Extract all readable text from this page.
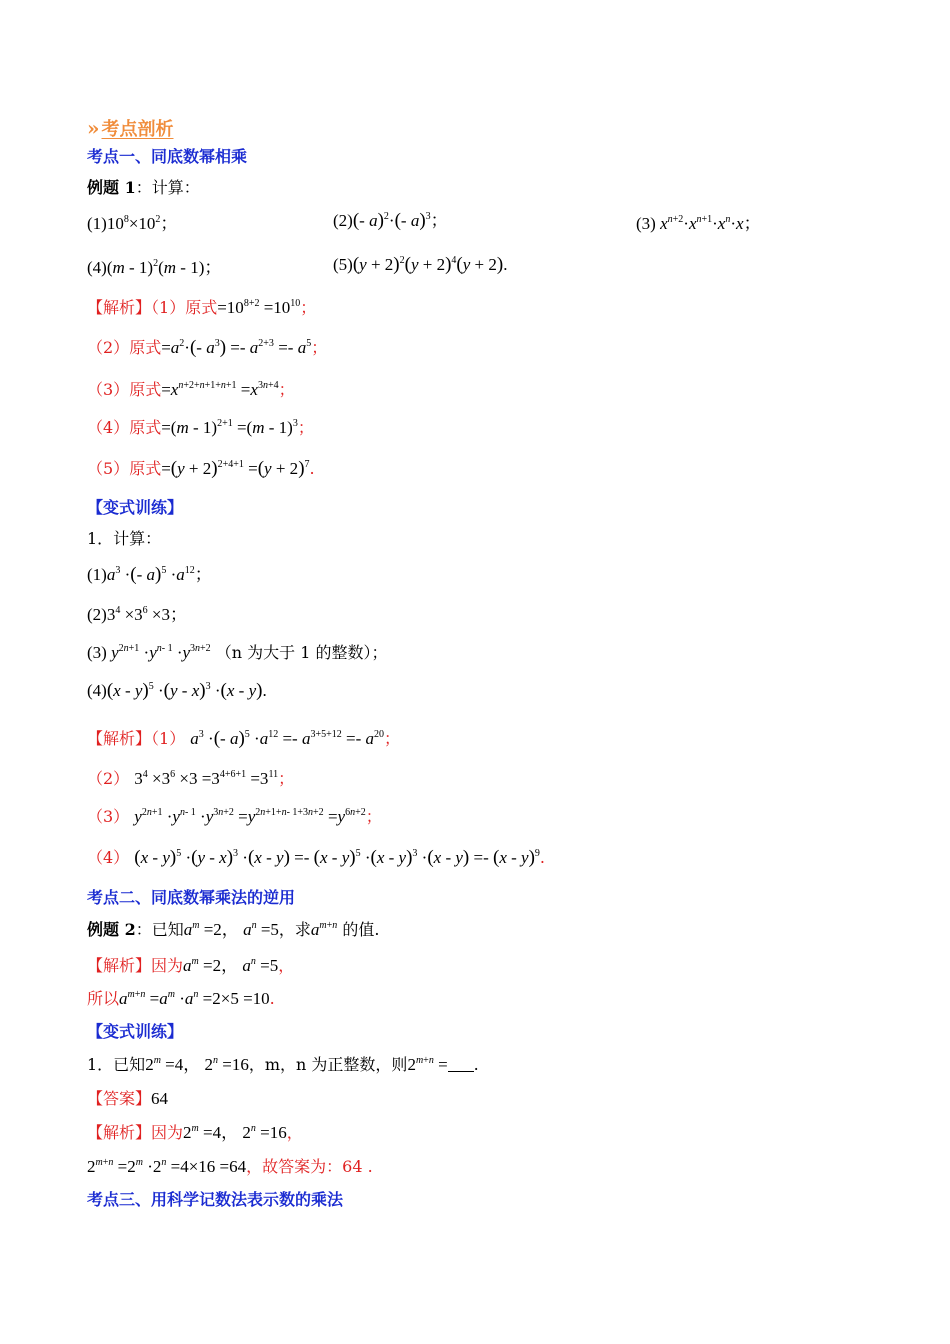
» 考点剖析
考点一、同底数幂相乘
例题 1：计算：
$(1)10^8\times 10^2$；	(2)(- a)$^2$·(- a)$^3$；	(3) $x^{n+2}\cdot x^{n+1}\cdot x^n\cdot x$；
(4)(m - 1)$^2$(m - 1)；	$(5)(y + 2)^2(y + 2)^4(y + 2)$.
【解析】（1）原式$=10^{8+2} =10^{10}$；
（2）原式$=a^2\cdot(-$ $a^3) =- a^{2+3} =- a^5$；
（3）原式$=x^{n+2+n+1+n+1} =x^{3n+4}$；
（4）原式=(m - 1)$^{2+1}$ =(m - 1)$^3$；
（5）原式$=(y + 2)^{2+4+1} =(y + 2)^7$.
【变式训练】
1．计算：
$(1)a^3$ ·(- $a)^5 \cdot a^{12}$；
$(2)3^4 \times 3^6 \times 3$；
(3) $y^{2n+1} \cdot y^{n- 1} \cdot y^{3n+2}$ （n 为大于 1 的整数）；
(4)(x - y)$^5$ ·(y - x)$^3$ ·(x - y).
【解析】（1） $a^3$ ·(- $a)^5 \cdot a^{12} =- a^{3+5+12} =- a^{20}$；
（2） $3^4 \times 3^6 \times 3 =3^{4+6+1} =3^{11}$；
（3） $y^{2n+1} \cdot y^{n- 1} \cdot y^{3n+2} =y^{2n+1+n- 1+3n+2} =y^{6n+2}$；
（4） (x - y)$^5$ ·(y - x)$^3$ ·(x - y) =- (x - y)$^5$ ·(x - y)$^3$ ·(x - y) =- (x - y)$^9$.
考点二、同底数幂乘法的逆用
例题 2：已知$a^m =2$， $a^n =5$，求$a^{m+n}$ 的值.
【解析】因为$a^m =2$， $a^n =5$，
所以$a^{m+n} =a^m \cdot a^n =2\times 5 =10$.
【变式训练】
1．已知$2^m =4$， $2^n =16$，m，n 为正整数，则$2^{m+n}$ = .
【答案】64
【解析】因为$2^m =4$， $2^n =16$，
$2^{m+n} =2^m \cdot 2^n =4\times 16 =64$，故答案为：64 .
考点三、用科学记数法表示数的乘法
